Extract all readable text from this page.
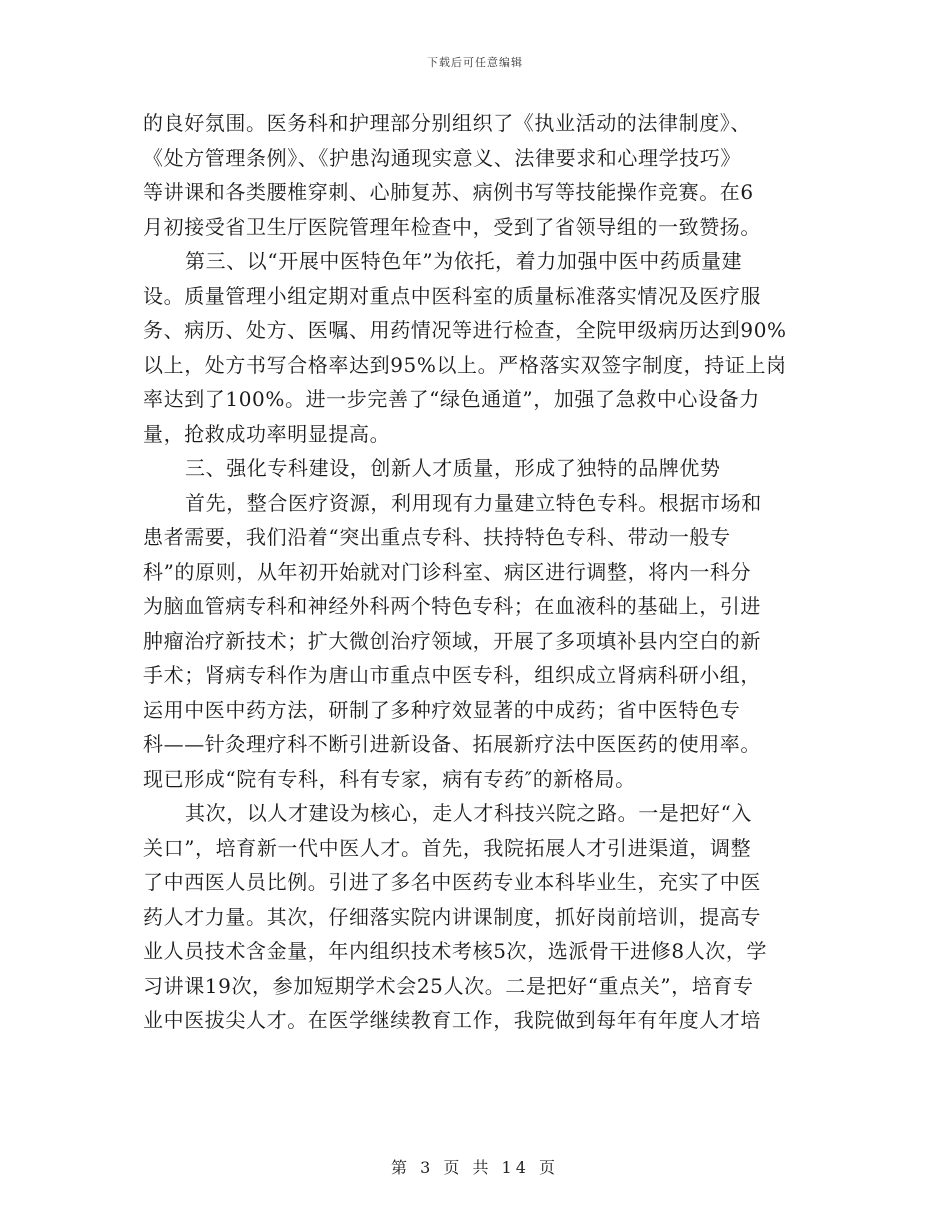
下载后可任意编辑
的良好氛围。医务科和护理部分别组织了《执业活动的法律制度》、
《处方管理条例》、《护患沟通现实意义、法律要求和心理学技巧》
等讲课和各类腰椎穿刺、心肺复苏、病例书写等技能操作竞赛。在6
月初接受省卫生厅医院管理年检查中，受到了省领导组的一致赞扬。
第三、以“开展中医特色年”为依托，着力加强中医中药质量建
设。质量管理小组定期对重点中医科室的质量标准落实情况及医疗服
务、病历、处方、医嘱、用药情况等进行检查，全院甲级病历达到90%
以上，处方书写合格率达到95%以上。严格落实双签字制度，持证上岗
率达到了100%。进一步完善了“绿色通道”，加强了急救中心设备力
量，抢救成功率明显提高。
三、强化专科建设，创新人才质量，形成了独特的品牌优势
首先，整合医疗资源，利用现有力量建立特色专科。根据市场和
患者需要，我们沿着“突出重点专科、扶持特色专科、带动一般专
科”的原则，从年初开始就对门诊科室、病区进行调整，将内一科分
为脑血管病专科和神经外科两个特色专科；在血液科的基础上，引进
肿瘤治疗新技术；扩大微创治疗领域，开展了多项填补县内空白的新
手术；肾病专科作为唐山市重点中医专科，组织成立肾病科研小组，
运用中医中药方法，研制了多种疗效显著的中成药；省中医特色专
科——针灸理疗科不断引进新设备、拓展新疗法中医医药的使用率。
现已形成“院有专科，科有专家，病有专药″的新格局。
其次，以人才建设为核心，走人才科技兴院之路。一是把好“入
关口”，培育新一代中医人才。首先，我院拓展人才引进渠道，调整
了中西医人员比例。引进了多名中医药专业本科毕业生，充实了中医
药人才力量。其次，仔细落实院内讲课制度，抓好岗前培训，提高专
业人员技术含金量，年内组织技术考核5次，选派骨干进修8人次，学
习讲课19次，参加短期学术会25人次。二是把好“重点关”，培育专
业中医拔尖人才。在医学继续教育工作，我院做到每年有年度人才培
第 3 页 共 14 页
